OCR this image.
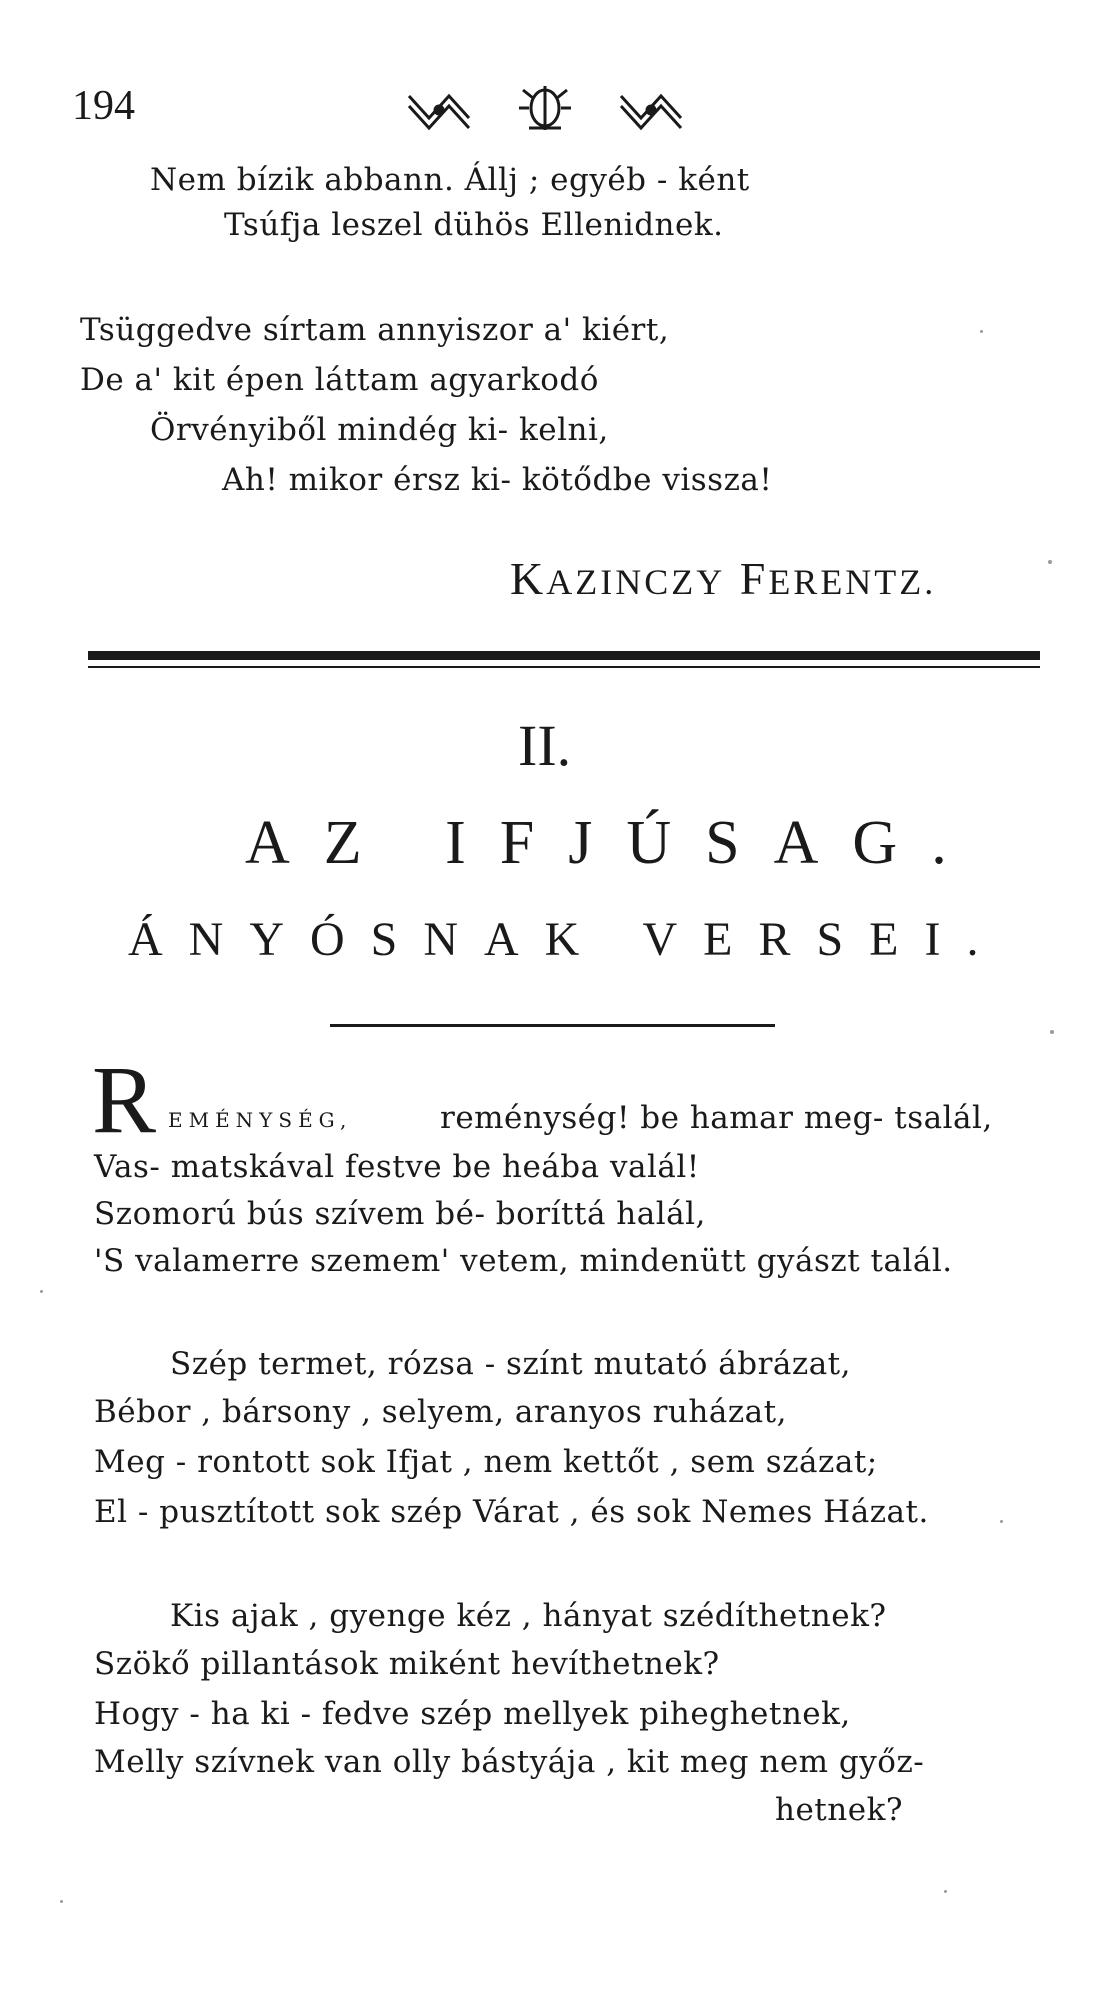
194
Nem bízik abbann. Állj ; egyéb - ként
Tsúfja leszel dühös Ellenidnek.
Tsüggedve sírtam annyiszor a' kiért,
De a' kit épen láttam agyarkodó
Örvényiből mindég ki- kelni,
Ah! mikor érsz ki- kötődbe vissza!
KAZINCZY FERENTZ.
II.
AZ IFJÚSAG.
ÁNYÓSNAK VERSEI.
R EMÉNYSÉG,	reménység! be hamar meg- tsalál,
Vas- matskával festve be heába valál!
Szomorú bús szívem bé- boríttá halál,
'S valamerre szemem' vetem, mindenütt gyászt talál.
Szép termet, rózsa - színt mutató ábrázat,
Bébor , bársony , selyem, aranyos ruházat,
Meg - rontott sok Ifjat , nem kettőt , sem százat;
El - pusztított sok szép Várat , és sok Nemes Házat.
Kis ajak , gyenge kéz , hányat szédíthetnek?
Szökő pillantások miként hevíthetnek?
Hogy - ha ki - fedve szép mellyek piheghetnek,
Melly szívnek van olly bástyája , kit meg nem győz-
hetnek?
